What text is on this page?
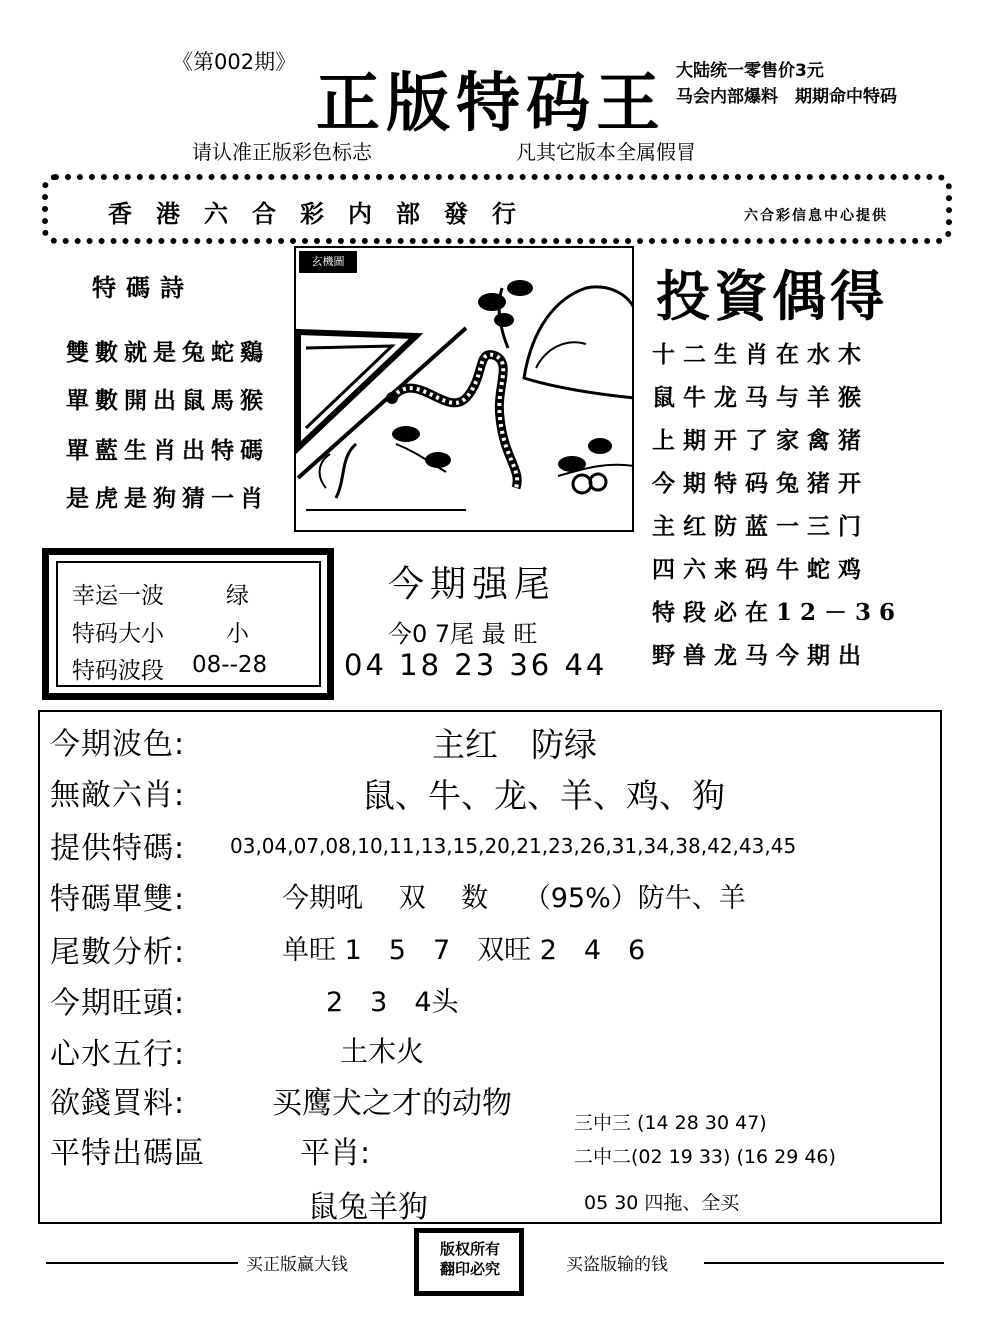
《第002期》
正版特码王 大陆统一零售价3元
马会内部爆料　期期命中特码
请认准正版彩色标志	凡其它版本全属假冒
香港六合彩内部發行	六合彩信息中心提供
特碼詩
雙數就是兔蛇鷄
單數開出鼠馬猴
單藍生肖出特碼
是虎是狗猜一肖
玄機圖
投資偶得
十二生肖在水木
鼠牛龙马与羊猴
上期开了家禽猪
今期特码兔猪开
主红防蓝一三门
四六来码牛蛇鸡
特段必在12－36
野兽龙马今期出
幸运一波	绿
特码大小	小
特码波段 08--28
今期强尾
今0 7尾 最 旺
04 18 23 36 44
今期波色:	主红　防绿
無敵六肖:	鼠、牛、龙、羊、鸡、狗
提供特碼: 03,04,07,08,10,11,13,15,20,21,23,26,31,34,38,42,43,45
特碼單雙:	今期吼　 双　 数　 （95%）防牛、羊
尾數分析:	单旺 1　5　7　双旺 2　4　6
今期旺頭:	2　3　4头
心水五行:	土木火
欲錢買料:	买鹰犬之才的动物
平特出碼區	平肖:
鼠兔羊狗
三中三 (14 28 30 47)
二中二(02 19 33) (16 29 46)
05 30 四拖、全买
买正版赢大钱
版权所有
翻印必究	买盗版输的钱
